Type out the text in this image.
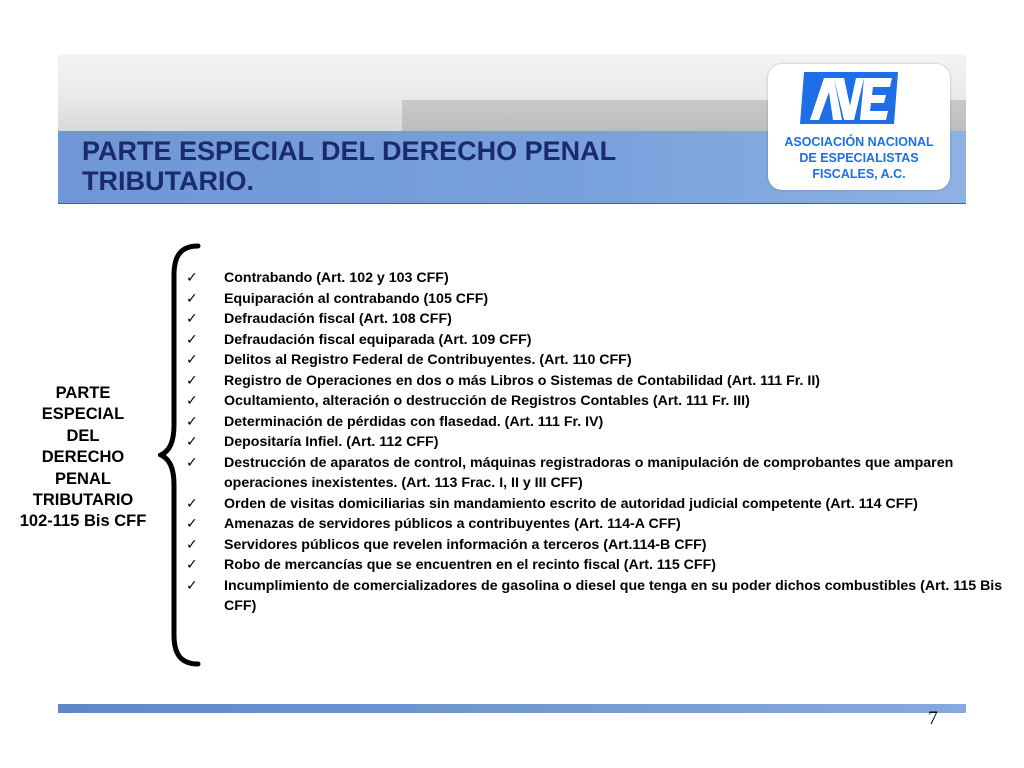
PARTE ESPECIAL DEL DERECHO PENAL TRIBUTARIO.
ASOCIACIÓN NACIONAL
DE ESPECIALISTAS
FISCALES, A.C.
PARTE
ESPECIAL
DEL
DERECHO
PENAL
TRIBUTARIO
102-115 Bis CFF
✓ Contrabando (Art. 102 y 103 CFF)
✓ Equiparación al contrabando (105 CFF)
✓ Defraudación fiscal (Art. 108 CFF)
✓ Defraudación fiscal equiparada (Art. 109 CFF)
✓ Delitos al Registro Federal de Contribuyentes. (Art. 110 CFF)
✓ Registro de Operaciones en dos o más Libros o Sistemas de Contabilidad (Art. 111 Fr. II)
✓ Ocultamiento, alteración o destrucción de Registros Contables (Art. 111 Fr. III)
✓ Determinación de pérdidas con flasedad. (Art. 111 Fr. IV)
✓ Depositaría Infiel. (Art. 112 CFF)
✓ Destrucción de aparatos de control, máquinas registradoras o manipulación de comprobantes que amparen operaciones inexistentes. (Art. 113 Frac. I, II y III CFF)
✓ Orden de visitas domiciliarias sin mandamiento escrito de autoridad judicial competente (Art. 114 CFF)
✓ Amenazas de servidores públicos a contribuyentes (Art. 114-A CFF)
✓ Servidores públicos que revelen información a terceros (Art.114-B CFF)
✓ Robo de mercancías que se encuentren en el recinto fiscal (Art. 115 CFF)
✓ Incumplimiento de comercializadores de gasolina o diesel que tenga en su poder dichos combustibles (Art. 115 Bis CFF)
7
